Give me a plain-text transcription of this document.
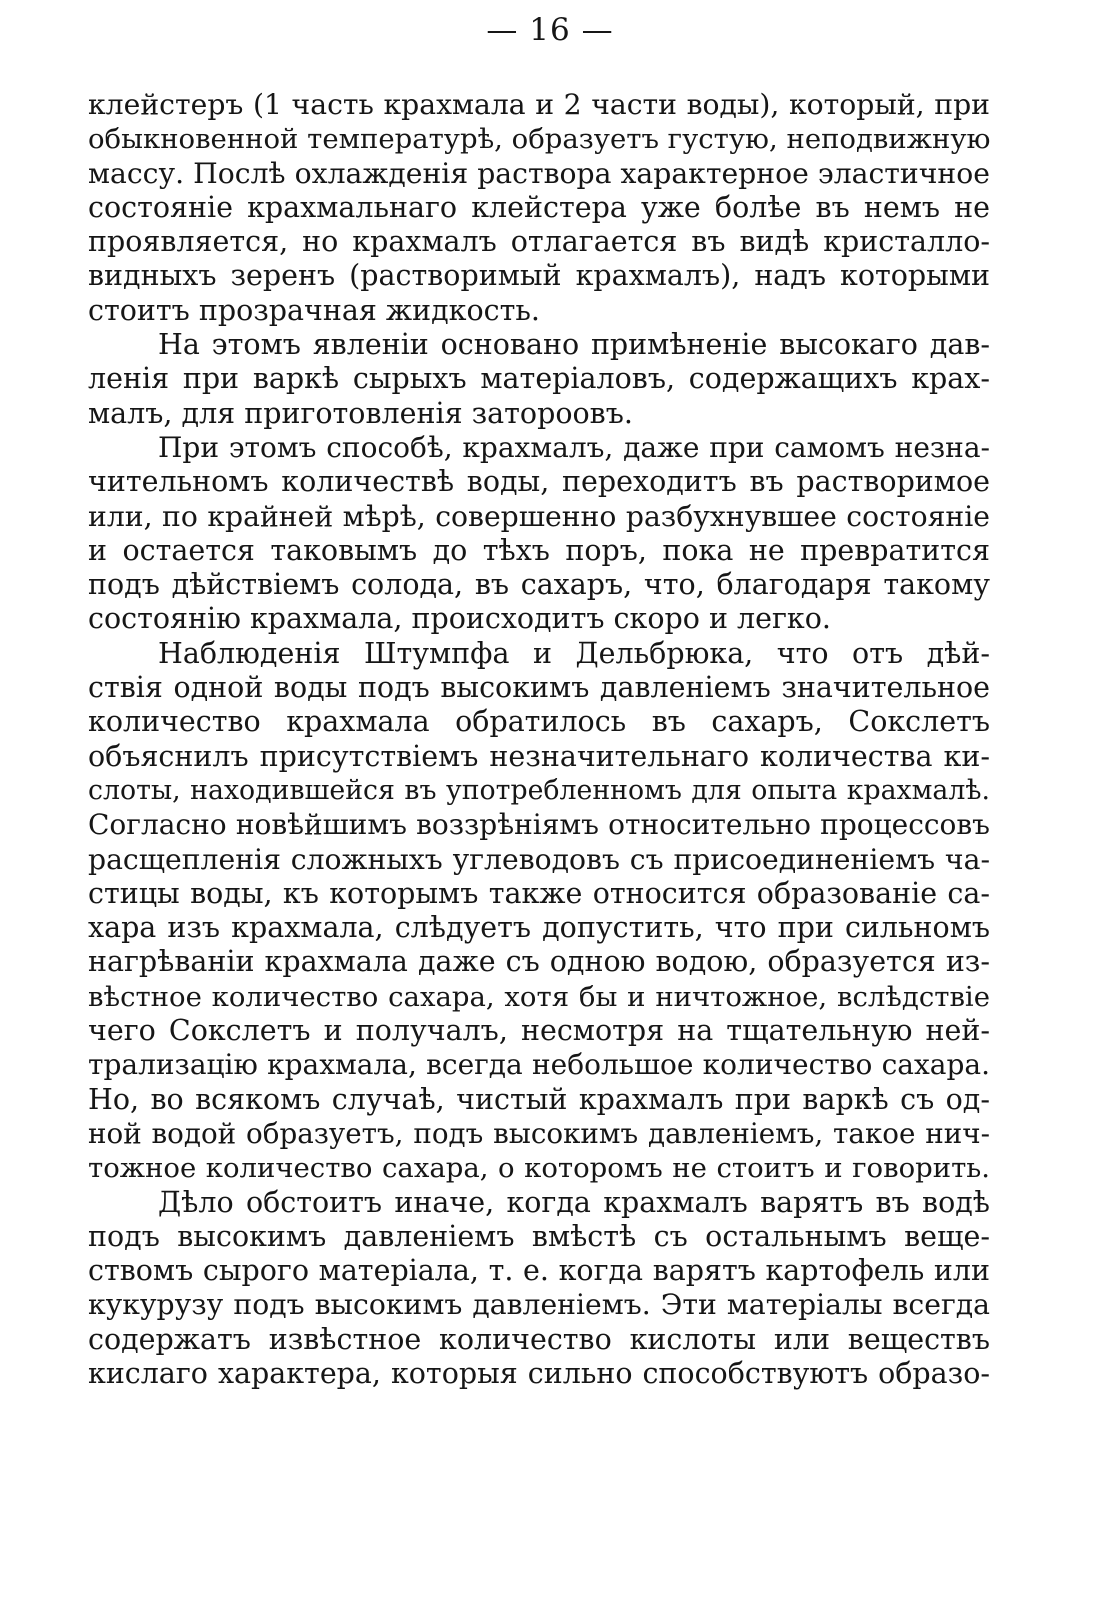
— 16 —
клейстеръ (1 часть крахмала и 2 части воды), который, при
обыкновенной температурѣ, образуетъ густую, неподвижную
массу. Послѣ охлажденія раствора характерное эластичное
состояніе крахмальнаго клейстера уже болѣе въ немъ не
проявляется, но крахмалъ отлагается въ видѣ кристалло-
видныхъ зеренъ (растворимый крахмалъ), надъ которыми
стоитъ прозрачная жидкость.
На этомъ явленіи основано примѣненіе высокаго дав-
ленія при варкѣ сырыхъ матеріаловъ, содержащихъ крах-
малъ, для приготовленія затороовъ.
При этомъ способѣ, крахмалъ, даже при самомъ незна-
чительномъ количествѣ воды, переходитъ въ растворимое
или, по крайней мѣрѣ, совершенно разбухнувшее состояніе
и остается таковымъ до тѣхъ поръ, пока не превратится
подъ дѣйствіемъ солода, въ сахаръ, что, благодаря такому
состоянію крахмала, происходитъ скоро и легко.
Наблюденія Штумпфа и Дельбрюка, что отъ дѣй-
ствія одной воды подъ высокимъ давленіемъ значительное
количество крахмала обратилось въ сахаръ, Сокслетъ
объяснилъ присутствіемъ незначительнаго количества ки-
слоты, находившейся въ употребленномъ для опыта крахмалѣ.
Согласно новѣйшимъ воззрѣніямъ относительно процессовъ
расщепленія сложныхъ углеводовъ съ присоединеніемъ ча-
стицы воды, къ которымъ также относится образованіе са-
хара изъ крахмала, слѣдуетъ допустить, что при сильномъ
нагрѣваніи крахмала даже съ одною водою, образуется из-
вѣстное количество сахара, хотя бы и ничтожное, вслѣдствіе
чего Сокслетъ и получалъ, несмотря на тщательную ней-
трализацію крахмала, всегда небольшое количество сахара.
Но, во всякомъ случаѣ, чистый крахмалъ при варкѣ съ од-
ной водой образуетъ, подъ высокимъ давленіемъ, такое нич-
тожное количество сахара, о которомъ не стоитъ и говорить.
Дѣло обстоитъ иначе, когда крахмалъ варятъ въ водѣ
подъ высокимъ давленіемъ вмѣстѣ съ остальнымъ веще-
ствомъ сырого матеріала, т. е. когда варятъ картофель или
кукурузу подъ высокимъ давленіемъ. Эти матеріалы всегда
содержатъ извѣстное количество кислоты или веществъ
кислаго характера, которыя сильно способствуютъ образо-
